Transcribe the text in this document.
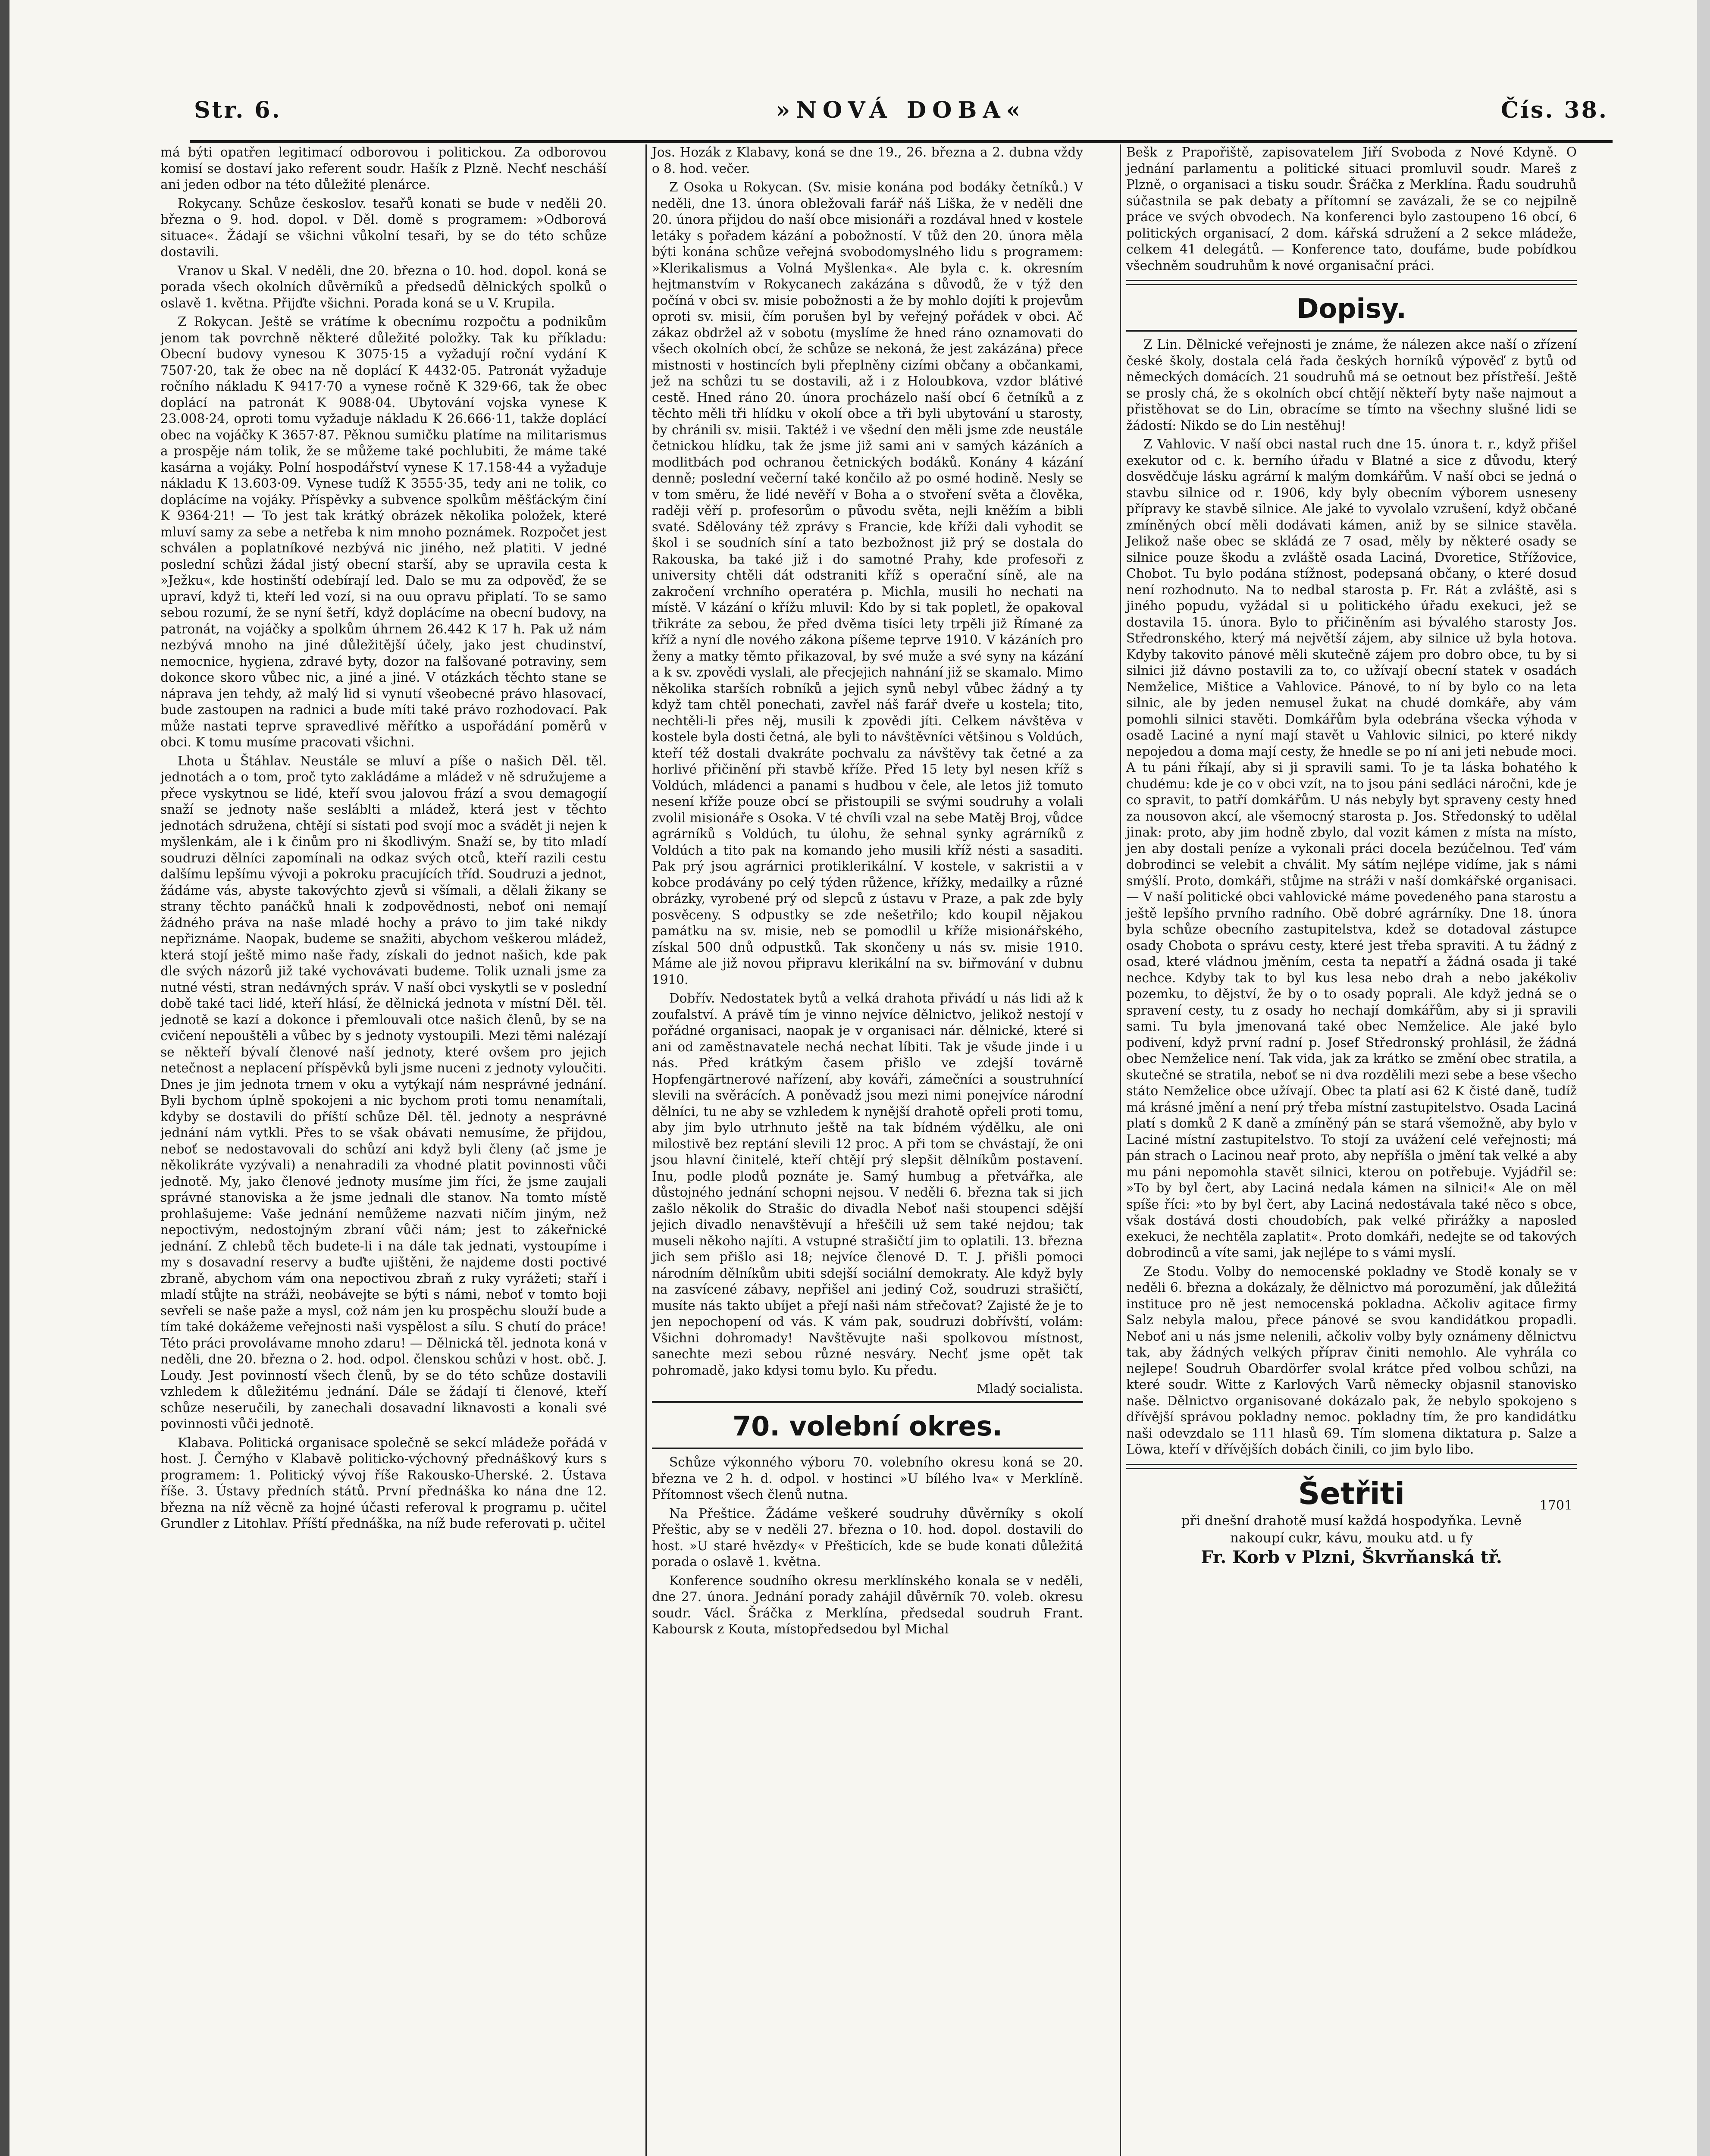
Str. 6.	»NOVÁ DOBA«	Čís. 38.

má býti opatřen legitimací odborovou i politickou. Za odborovou komisí se dostaví jako referent soudr. Hašík z Plzně. Nechť nescháší ani jeden odbor na této důležité plenárce.

Rokycany. Schůze českoslov. tesařů konati se bude v neděli 20. března o 9. hod. dopol. v Děl. domě s programem: »Odborová situace«. Žádají se všichni vůkolní tesaři, by se do této schůze dostavili.

Vranov u Skal. V neděli, dne 20. března o 10. hod. dopol. koná se porada všech okolních důvěrníků a předsedů dělnických spolků o oslavě 1. května. Přijďte všichni. Porada koná se u V. Krupila.

Z Rokycan. Ještě se vrátíme k obecnímu rozpočtu a podnikům jenom tak povrchně některé důležité položky. Tak ku příkladu: Obecní budovy vynesou K 3075·15 a vyžadují roční vydání K 7507·20, tak že obec na ně doplácí K 4432·05. Patronát vyžaduje ročního nákladu K 9417·70 a vynese ročně K 329·66, tak že obec doplácí na patronát K 9088·04. Ubytování vojska vynese K 23.008·24, oproti tomu vyžaduje nákladu K 26.666·11, takže doplácí obec na vojáčky K 3657·87. Pěknou sumičku platíme na militarismus a prospěje nám tolik, že se můžeme také pochlubiti, že máme také kasárna a vojáky. Polní hospodářství vynese K 17.158·44 a vyžaduje nákladu K 13.603·09. Vynese tudíž K 3555·35, tedy ani ne tolik, co doplácíme na vojáky. Příspěvky a subvence spolkům měšťáckým činí K 9364·21! — To jest tak krátký obrázek několika položek, které mluví samy za sebe a netřeba k nim mnoho poznámek. Rozpočet jest schválen a poplatníkové nezbývá nic jiného, než platiti. V jedné poslední schůzi žádal jistý obecní starší, aby se upravila cesta k »Ježku«, kde hostinští odebírají led. Dalo se mu za odpověď, že se upraví, když ti, kteří led vozí, si na ouu opravu připlatí. To se samo sebou rozumí, že se nyní šetří, když doplácíme na obecní budovy, na patronát, na vojáčky a spolkům úhrnem 26.442 K 17 h. Pak už nám nezbývá mnoho na jiné důležitější účely, jako jest chudinství, nemocnice, hygiena, zdravé byty, dozor na falšované potraviny, sem dokonce skoro vůbec nic, a jiné a jiné. V otázkách těchto stane se náprava jen tehdy, až malý lid si vynutí všeobecné právo hlasovací, bude zastoupen na radnici a bude míti také právo rozhodovací. Pak může nastati teprve spravedlivé měřítko a uspořádání poměrů v obci. K tomu musíme pracovati všichni.

Lhota u Štáhlav. Neustále se mluví a píše o našich Děl. těl. jednotách a o tom, proč tyto zakládáme a mládež v ně sdružujeme a přece vyskytnou se lidé, kteří svou jalovou frází a svou demagogií snaží se jednoty naše sesláblti a mládež, která jest v těchto jednotách sdružena, chtějí si sístati pod svojí moc a svádět ji nejen k myšlenkám, ale i k činům pro ni škodlivým. Snaží se, by tito mladí soudruzi dělníci zapomínali na odkaz svých otců, kteří razili cestu dalšímu lepšímu vývoji a pokroku pracujících tříd. Soudruzi a jednot, žádáme vás, abyste takovýchto zjevů si všímali, a dělali žikany se strany těchto panáčků hnali k zodpovědnosti, neboť oni nemají žádného práva na naše mladé hochy a právo to jim také nikdy nepřiznáme. Naopak, budeme se snažiti, abychom veškerou mládež, která stojí ještě mimo naše řady, získali do jednot našich, kde pak dle svých názorů již také vychovávati budeme. Tolik uznali jsme za nutné vésti, stran nedávných správ. V naší obci vyskytli se v poslední době také taci lidé, kteří hlásí, že dělnická jednota v místní Děl. těl. jednotě se kazí a dokonce i přemlouvali otce našich členů, by se na cvičení nepouštěli a vůbec by s jednoty vystoupili. Mezi těmi nalézají se někteří bývalí členové naší jednoty, které ovšem pro jejich netečnost a neplacení příspěvků byli jsme nuceni z jednoty vyloučiti. Dnes je jim jednota trnem v oku a vytýkají nám nesprávné jednání. Byli bychom úplně spokojeni a nic bychom proti tomu nenamítali, kdyby se dostavili do příští schůze Děl. těl. jednoty a nesprávné jednání nám vytkli. Přes to se však obávati nemusíme, že přijdou, neboť se nedostavovali do schůzí ani když byli členy (ač jsme je několikráte vyzývali) a nenahradili za vhodné platit povinnosti vůči jednotě. My, jako členové jednoty musíme jim říci, že jsme zaujali správné stanoviska a že jsme jednali dle stanov. Na tomto místě prohlašujeme: Vaše jednání nemůžeme nazvati ničím jiným, než nepoctivým, nedostojným zbraní vůči nám; jest to zákeřnické jednání. Z chlebů těch budete-li i na dále tak jednati, vystoupíme i my s dosavadní reservy a buďte ujištěni, že najdeme dosti poctivé zbraně, abychom vám ona nepoctivou zbraň z ruky vyrážeti; staří i mladí stůjte na stráži, neobávejte se býti s námi, neboť v tomto boji sevřeli se naše paže a mysl, což nám jen ku prospěchu slouží bude a tím také dokážeme veřejnosti naši vyspělost a sílu. S chutí do práce! Této práci provolávame mnoho zdaru! — Dělnická těl. jednota koná v neděli, dne 20. března o 2. hod. odpol. členskou schůzi v host. obč. J. Loudy. Jest povinností všech členů, by se do této schůze dostavili vzhledem k důležitému jednání. Dále se žádají ti členové, kteří schůze neseručili, by zanechali dosavadní liknavosti a konali své povinnosti vůči jednotě.

Klabava. Politická organisace společně se sekcí mládeže pořádá v host. J. Černýho v Klabavě politicko-výchovný přednáškový kurs s programem: 1. Politický vývoj říše Rakousko-Uherské. 2. Ústava říše. 3. Ústavy předních států. První přednáška ko nána dne 12. března na níž věcně za hojné účasti referoval k programu p. učitel Grundler z Litohlav. Příští přednáška, na níž bude referovati p. učitel

Jos. Hozák z Klabavy, koná se dne 19., 26. března a 2. dubna vždy o 8. hod. večer.

Z Osoka u Rokycan. (Sv. misie konána pod bodáky četníků.) V neděli, dne 13. února obležovali farář náš Liška, že v neděli dne 20. února přijdou do naší obce misionáři a rozdával hned v kostele letáky s pořadem kázání a pobožností. V tůž den 20. února měla býti konána schůze veřejná svobodomyslného lidu s programem: »Klerikalismus a Volná Myšlenka«. Ale byla c. k. okresním hejtmanstvím v Rokycanech zakázána s důvodů, že v týž den počíná v obci sv. misie pobožnosti a že by mohlo dojíti k projevům oproti sv. misii, čím porušen byl by veřejný pořádek v obci. Ač zákaz obdržel až v sobotu (myslíme že hned ráno oznamovati do všech okolních obcí, že schůze se nekoná, že jest zakázána) přece mistnosti v hostincích byli přeplněny cizími občany a občankami, jež na schůzi tu se dostavili, až i z Holoubkova, vzdor blátivé cestě. Hned ráno 20. února procházelo naší obcí 6 četníků a z těchto měli tři hlídku v okolí obce a tři byli ubytování u starosty, by chránili sv. misii. Taktéž i ve všední den měli jsme zde neustále četnickou hlídku, tak že jsme již sami ani v samých kázáních a modlitbách pod ochranou četnických bodáků. Konány 4 kázání denně; poslední večerní také končilo až po osmé hodině. Nesly se v tom směru, že lidé nevěří v Boha a o stvoření světa a člověka, raději věří p. profesorům o původu světa, nejli kněžím a bibli svaté. Sdělovány též zprávy s Francie, kde kříži dali vyhodit se škol i se soudních síní a tato bezbožnost již prý se dostala do Rakouska, ba také již i do samotné Prahy, kde profesoři z university chtěli dát odstraniti kříž s operační síně, ale na zakročení vrchního operatéra p. Michla, musili ho nechati na místě. V kázání o křížu mluvil: Kdo by si tak popletl, že opakoval třikráte za sebou, že před dvěma tisíci lety trpěli již Římané za kříž a nyní dle nového zákona píšeme teprve 1910. V kázáních pro ženy a matky těmto přikazoval, by své muže a své syny na kázání a k sv. zpovědi vyslali, ale přecjejich nahnání již se skamalo. Mimo několika starších robníků a jejich synů nebyl vůbec žádný a ty když tam chtěl ponechati, zavřel náš farář dveře u kostela; tito, nechtěli-li přes něj, musili k zpovědi jíti. Celkem návštěva v kostele byla dosti četná, ale byli to návštěvníci většinou s Voldúch, kteří též dostali dvakráte pochvalu za návštěvy tak četné a za horlivé přičinění při stavbě kříže. Před 15 lety byl nesen kříž s Voldúch, mládenci a panami s hudbou v čele, ale letos již tomuto nesení kříže pouze obcí se přistoupili se svými soudruhy a volali zvolil misionáře s Osoka. V té chvíli vzal na sebe Matěj Broj, vůdce agrárníků s Voldúch, tu úlohu, že sehnal synky agrárníků z Voldúch a tito pak na komando jeho musili kříž nésti a sasaditi. Pak prý jsou agrárnici protiklerikální. V kostele, v sakristii a v kobce prodávány po celý týden růžence, křížky, medailky a různé obrázky, vyrobené prý od slepců z ústavu v Praze, a pak zde byly posvěceny. S odpustky se zde nešetřilo; kdo koupil nějakou památku na sv. misie, neb se pomodlil u kříže misionářského, získal 500 dnů odpustků. Tak skončeny u nás sv. misie 1910. Máme ale již novou připravu klerikální na sv. biřmování v dubnu 1910.

Dobřív. Nedostatek bytů a velká drahota přivádí u nás lidi až k zoufalství. A právě tím je vinno nejvíce dělnictvo, jelikož nestojí v pořádné organisaci, naopak je v organisaci nár. dělnické, které si ani od zaměstnavatele nechá nechat líbiti. Tak je všude jinde i u nás. Před krátkým časem přišlo ve zdejší továrně Hopfengärtnerové nařízení, aby kováři, zámečníci a soustruhnící slevili na svěrácích. A poněvadž jsou mezi nimi ponejvíce národní dělníci, tu ne aby se vzhledem k nynější drahotě opřeli proti tomu, aby jim bylo utrhnuto ještě na tak bídném výdělku, ale oni milostivě bez reptání slevili 12 proc. A při tom se chvástají, že oni jsou hlavní činitelé, kteří chtějí prý slepšit dělníkům postavení. Inu, podle plodů poznáte je. Samý humbug a přetvářka, ale důstojného jednání schopni nejsou. V neděli 6. března tak si jich zašlo několik do Strašic do divadla Neboť naši stoupenci sdější jejich divadlo nenavštěvují a hřeščili už sem také nejdou; tak museli někoho najíti. A vstupné strašičtí jim to oplatili. 13. března jich sem přišlo asi 18; nejvíce členové D. T. J. přišli pomoci národním dělníkům ubiti sdejší sociální demokraty. Ale když byly na zasvícené zábavy, nepřišel ani jediný Což, soudruzi strašičtí, musíte nás takto ubíjet a přejí naši nám střečovat? Zajisté že je to jen nepochopení od vás. K vám pak, soudruzi dobřívští, volám: Všichni dohromady! Navštěvujte naši spolkovou místnost, sanechte mezi sebou různé nesváry. Nechť jsme opět tak pohromadě, jako kdysi tomu bylo. Ku předu.

Mladý socialista.
70. volební okres.

Schůze výkonného výboru 70. volebního okresu koná se 20. března ve 2 h. d. odpol. v hostinci »U bílého lva« v Merklíně. Přítomnost všech členů nutna.

Na Přeštice. Žádáme veškeré soudruhy důvěrníky s okolí Přeštic, aby se v neděli 27. března o 10. hod. dopol. dostavili do host. »U staré hvězdy« v Přešticích, kde se bude konati důležitá porada o oslavě 1. května.

Konference soudního okresu merklínského konala se v neděli, dne 27. února. Jednání porady zahájil důvěrník 70. voleb. okresu soudr. Václ. Šráčka z Merklína, předsedal soudruh Frant. Kaboursk z Kouta, místopředsedou byl Michal

Bešk z Prapořiště, zapisovatelem Jiří Svoboda z Nové Kdyně. O jednání parlamentu a politické situaci promluvil soudr. Mareš z Plzně, o organisaci a tisku soudr. Šráčka z Merklína. Řadu soudruhů súčastnila se pak debaty a přítomní se zavázali, že se co nejpilně práce ve svých obvodech. Na konferenci bylo zastoupeno 16 obcí, 6 politických organisací, 2 dom. kářská sdružení a 2 sekce mládeže, celkem 41 delegátů. — Konference tato, doufáme, bude pobídkou všechněm soudruhům k nové organisační práci.

Dopisy.

Z Lin. Dělnické veřejnosti je známe, že nálezen akce naší o zřízení české školy, dostala celá řada českých horníků výpověď z bytů od německých domácích. 21 soudruhů má se oetnout bez přístřeší. Ještě se prosly chá, že s okolních obcí chtějí někteří byty naše najmout a přistěhovat se do Lin, obracíme se tímto na všechny slušné lidi se žádostí: Nikdo se do Lin nestěhuj!

Z Vahlovic. V naší obci nastal ruch dne 15. února t. r., když přišel exekutor od c. k. berního úřadu v Blatné a sice z důvodu, který dosvědčuje lásku agrární k malým domkářům. V naší obci se jedná o stavbu silnice od r. 1906, kdy byly obecním výborem usneseny přípravy ke stavbě silnice. Ale jaké to vyvolalo vzrušení, když občané zmíněných obcí měli dodávati kámen, aniž by se silnice stavěla. Jelikož naše obec se skládá ze 7 osad, měly by některé osady se silnice pouze škodu a zvláště osada Laciná, Dvoretice, Střížovice, Chobot. Tu bylo podána stížnost, podepsaná občany, o které dosud není rozhodnuto. Na to nedbal starosta p. Fr. Rát a zvláště, asi s jiného popudu, vyžádal si u politického úřadu exekuci, jež se dostavila 15. února. Bylo to přičiněním asi bývalého starosty Jos. Středronského, který má největší zájem, aby silnice už byla hotova. Kdyby takovito pánové měli skutečně zájem pro dobro obce, tu by si silnici již dávno postavili za to, co užívají obecní statek v osadách Nemželice, Mištice a Vahlovice. Pánové, to ní by bylo co na leta silnic, ale by jeden nemusel žukat na chudé domkáře, aby vám pomohli silnici stavěti. Domkářům byla odebrána všecka výhoda v osadě Laciné a nyní mají stavět u Vahlovic silnici, po které nikdy nepojedou a doma mají cesty, že hnedle se po ní ani jeti nebude moci. A tu páni říkají, aby si ji spravili sami. To je ta láska bohatého k chudému: kde je co v obci vzít, na to jsou páni sedláci náročni, kde je co spravit, to patří domkářům. U nás nebyly byt spraveny cesty hned za nousovon akcí, ale všemocný starosta p. Jos. Středonský to udělal jinak: proto, aby jim hodně zbylo, dal vozit kámen z místa na místo, jen aby dostali peníze a vykonali práci docela bezúčelnou. Teď vám dobrodinci se velebit a chválit. My sátím nejlépe vidíme, jak s námi smýšlí. Proto, domkáři, stůjme na stráži v naší domkářské organisaci. — V naší politické obci vahlovické máme povedeného pana starostu a ještě lepšího prvního radního. Obě dobré agrárníky. Dne 18. února byla schůze obecního zastupitelstva, kdež se dotadoval zástupce osady Chobota o správu cesty, které jest třeba spraviti. A tu žádný z osad, které vládnou jměním, cesta ta nepatří a žádná osada ji také nechce. Kdyby tak to byl kus lesa nebo drah a nebo jakékoliv pozemku, to dějství, že by o to osady poprali. Ale když jedná se o spravení cesty, tu z osady ho nechají domkářům, aby si ji spravili sami. Tu byla jmenovaná také obec Nemželice. Ale jaké bylo podivení, když první radní p. Josef Středronský prohlásil, že žádná obec Nemželice není. Tak vida, jak za krátko se změní obec stratila, a skutečné se stratila, neboť se ni dva rozdělili mezi sebe a bese všecho státo Nemželice obce užívají. Obec ta platí asi 62 K čisté daně, tudíž má krásné jmění a není prý třeba místní zastupitelstvo. Osada Laciná platí s domků 2 K daně a zmíněný pán se stará všemožně, aby bylo v Laciné místní zastupitelstvo. To stojí za uvážení celé veřejnosti; má pán strach o Lacinou neař proto, aby nepříšla o jmění tak velké a aby mu páni nepomohla stavět silnici, kterou on potřebuje. Vyjádřil se: »To by byl čert, aby Laciná nedala kámen na silnici!« Ale on měl spíše říci: »to by byl čert, aby Laciná nedostávala také něco s obce, však dostává dosti choudobích, pak velké přirážky a naposled exekuci, že nechtěla zaplatit«. Proto domkáři, nedejte se od takových dobrodinců a víte sami, jak nejlépe to s vámi myslí.

Ze Stodu. Volby do nemocenské pokladny ve Stodě konaly se v neděli 6. března a dokázaly, že dělnictvo má porozumění, jak důležitá instituce pro ně jest nemocenská pokladna. Ačkoliv agitace firmy Salz nebyla malou, přece pánové se svou kandidátkou propadli. Neboť ani u nás jsme nelenili, ačkoliv volby byly oznámeny dělnictvu tak, aby žádných velkých příprav činiti nemohlo. Ale vyhrála co nejlepe! Soudruh Obardörfer svolal krátce před volbou schůzi, na které soudr. Witte z Karlových Varů německy objasnil stanovisko naše. Dělnictvo organisované dokázalo pak, že nebylo spokojeno s dřívější správou pokladny nemoc. pokladny tím, že pro kandidátku naši odevzdalo se 111 hlasů 69. Tím slomena diktatura p. Salze a Löwa, kteří v dřívějších dobách činili, co jim bylo libo.

Šetřiti	1701
při dnešní drahotě musí každá hospodyňka. Levně
nakoupí cukr, kávu, mouku atd. u fy
Fr. Korb v Plzni, Škvrňanská tř.
